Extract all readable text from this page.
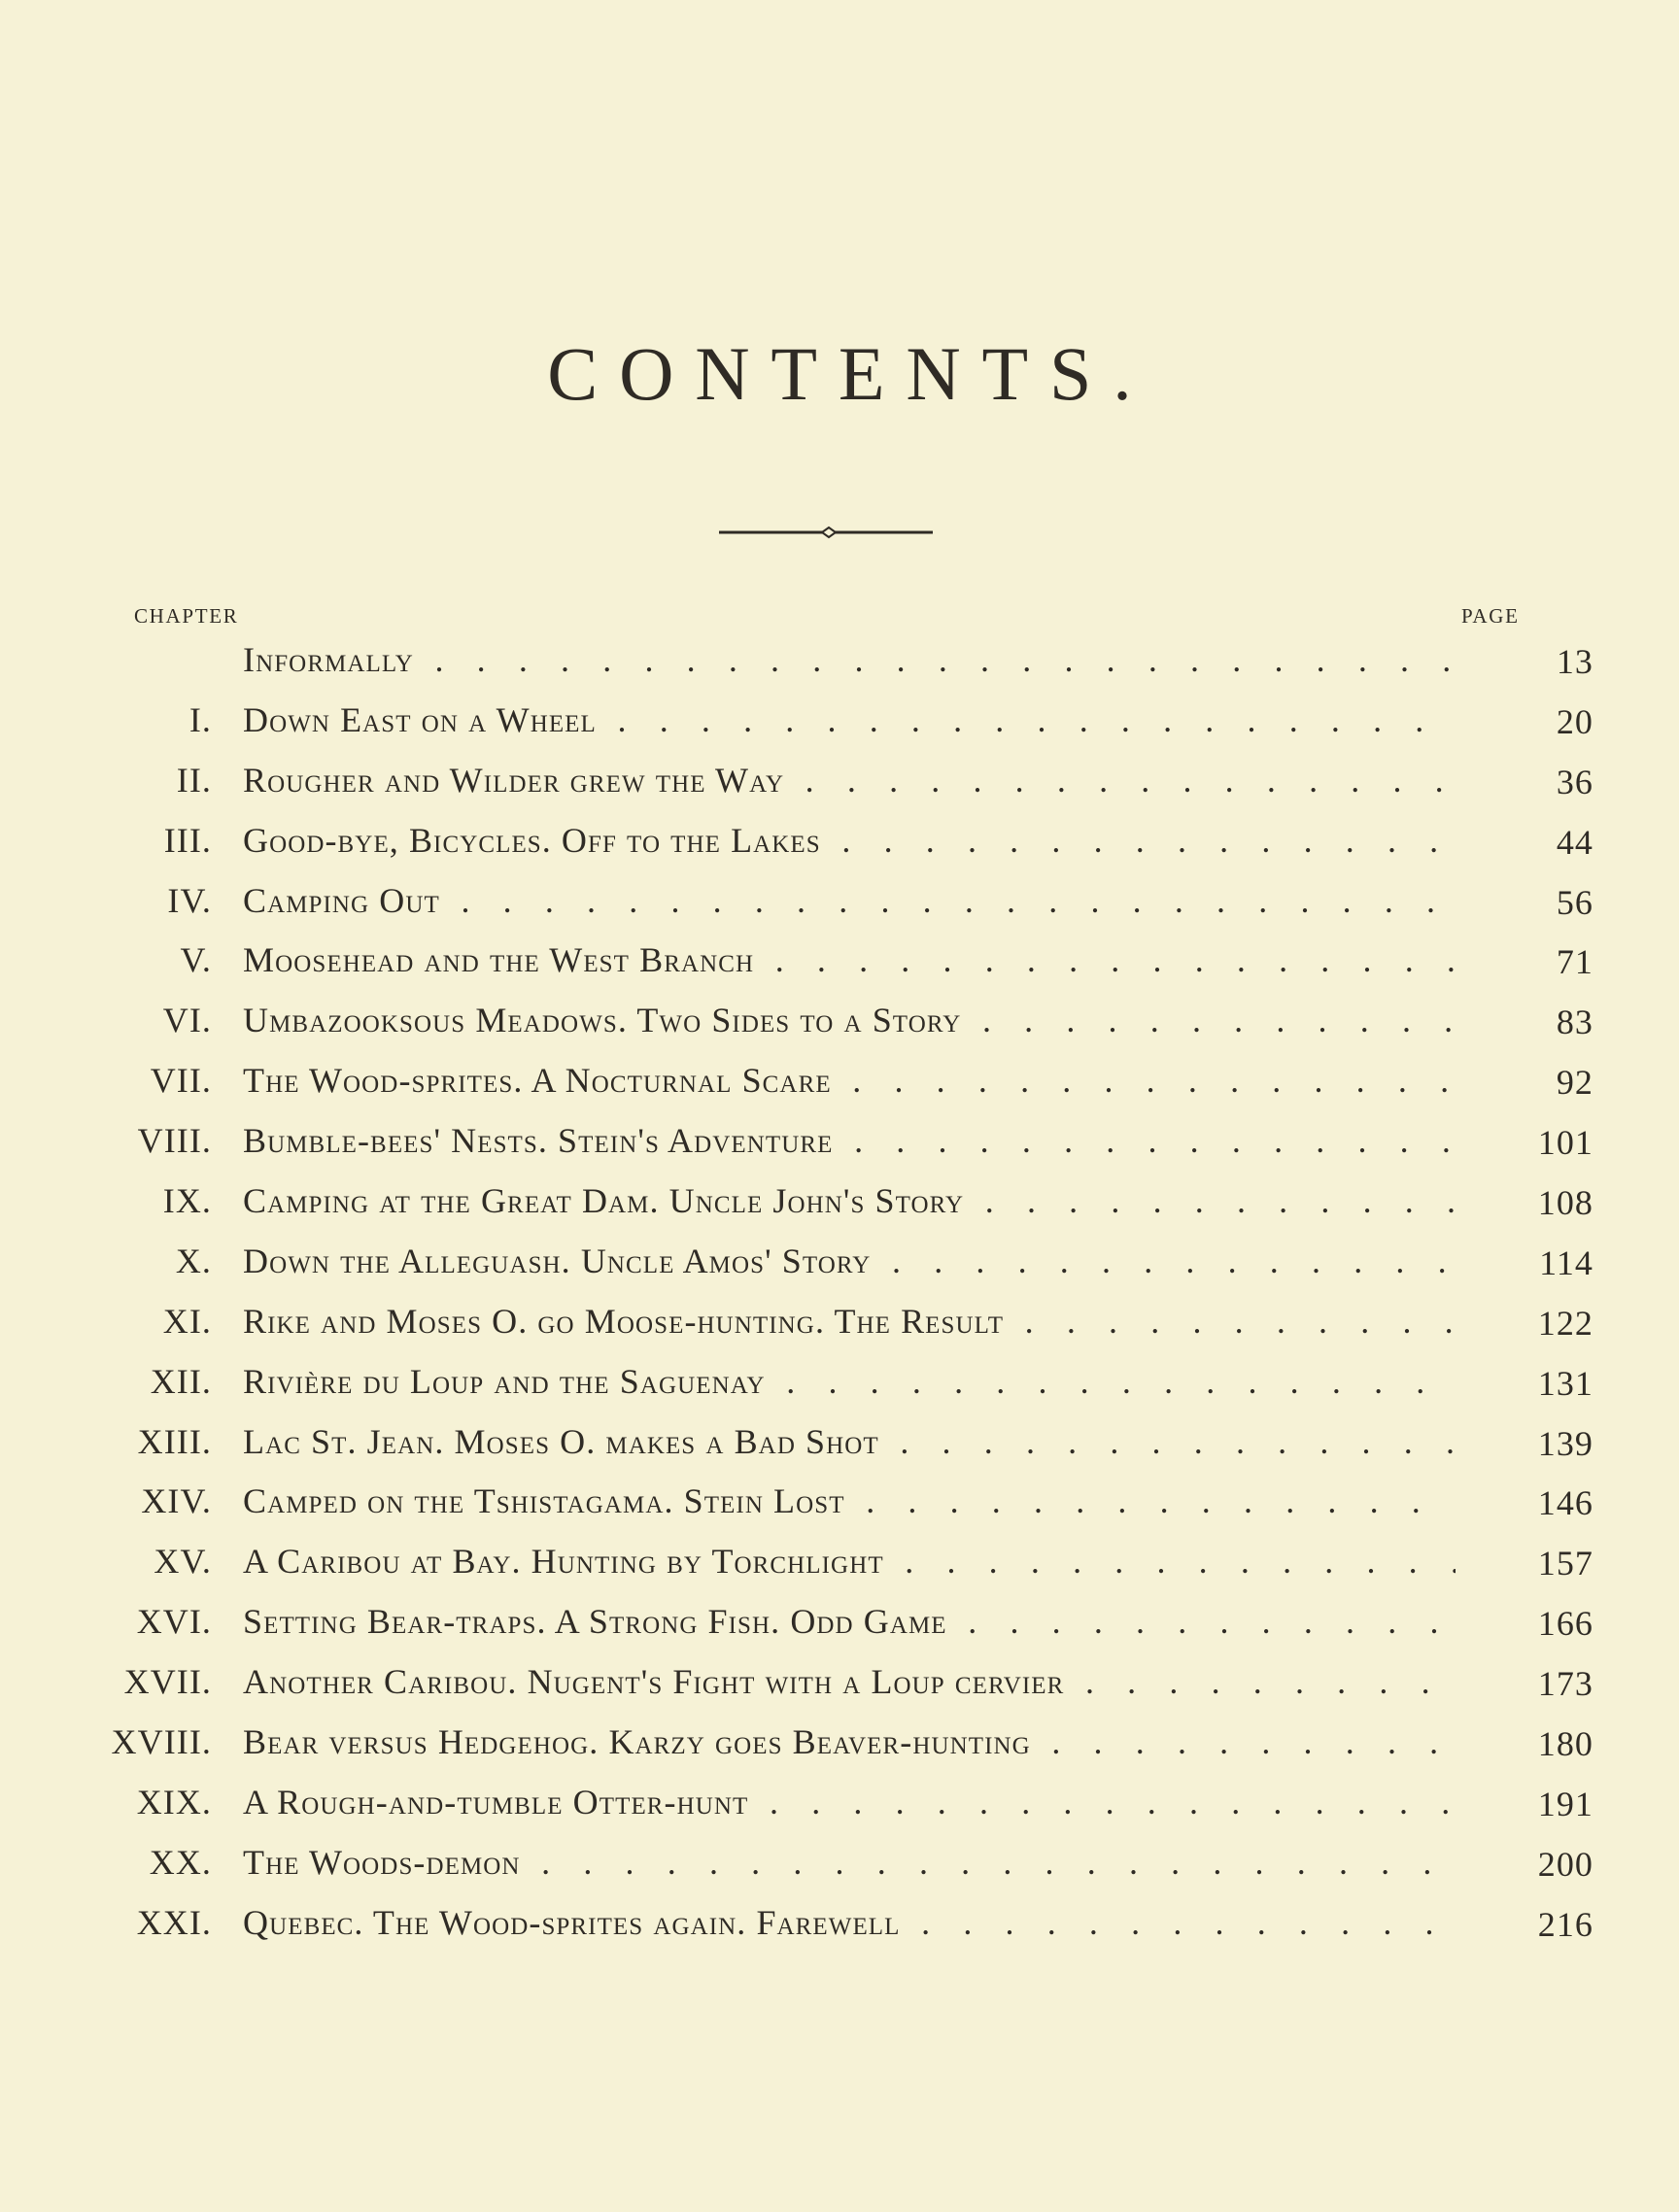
CONTENTS.
CHAPTER	PAGE
Informally . . .	13
I. Down East on a Wheel . . .	20
II. Rougher and Wilder grew the Way . . .	36
III. Good-bye, Bicycles. Off to the Lakes . . .	44
IV. Camping Out . . .	56
V. Moosehead and the West Branch . . .	71
VI. Umbazooksous Meadows. Two Sides to a Story . . .	83
VII. The Wood-sprites. A Nocturnal Scare . . .	92
VIII. Bumble-bees' Nests. Stein's Adventure . . .	101
IX. Camping at the Great Dam. Uncle John's Story . . .	108
X. Down the Alleguash. Uncle Amos' Story . . .	114
XI. Rike and Moses O. go Moose-hunting. The Result . . .	122
XII. Rivière du Loup and the Saguenay . . .	131
XIII. Lac St. Jean. Moses O. makes a Bad Shot . . .	139
XIV. Camped on the Tshistagama. Stein Lost . . .	146
XV. A Caribou at Bay. Hunting by Torchlight . . .	157
XVI. Setting Bear-traps. A Strong Fish. Odd Game . . .	166
XVII. Another Caribou. Nugent's Fight with a Loup cervier . . .	173
XVIII. Bear versus Hedgehog. Karzy goes Beaver-hunting . . .	180
XIX. A Rough-and-tumble Otter-hunt . . .	191
XX. The Woods-demon . . .	200
XXI. Quebec. The Wood-sprites again. Farewell . . .	216
